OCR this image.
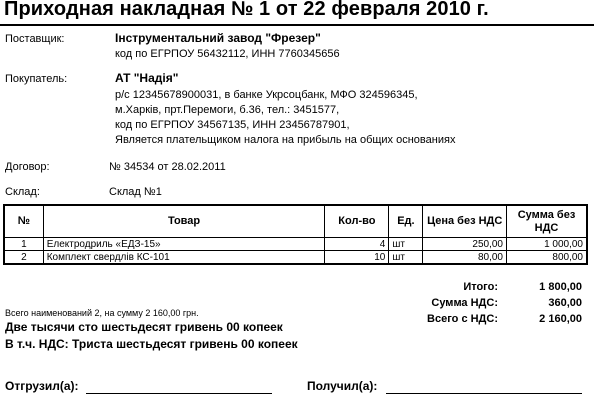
Приходная накладная № 1 от 22 февраля 2010 г.
Поставщик:	Інструментальний завод "Фрезер"
код по ЕГРПОУ 56432112, ИНН 7760345656
Покупатель:	АТ "Надія"
р/с 12345678900031, в банке Укрсоцбанк, МФО 324596345,
м.Харків, прт.Перемоги, б.36, тел.: 3451577,
код по ЕГРПОУ 34567135, ИНН 23456787901,
Является плательщиком налога на прибыль на общих основаниях
Договор:	№ 34534 от 28.02.2011
Склад:	Склад №1
№	Товар	Кол-во	Ед.	Цена без НДС	Сумма без НДС
1	Електродриль «ЕДЗ-15»	4	шт	250,00	1 000,00
2	Комплект свердлів КС-101	10	шт	80,00	800,00
Итого:	1 800,00
Сумма НДС:	360,00
Всего с НДС:	2 160,00
Всего наименований 2, на сумму 2 160,00 грн.
Две тысячи сто шестьдесят гривень 00 копеек
В т.ч. НДС: Триста шестьдесят гривень 00 копеек
Отгрузил(а):	Получил(а):
